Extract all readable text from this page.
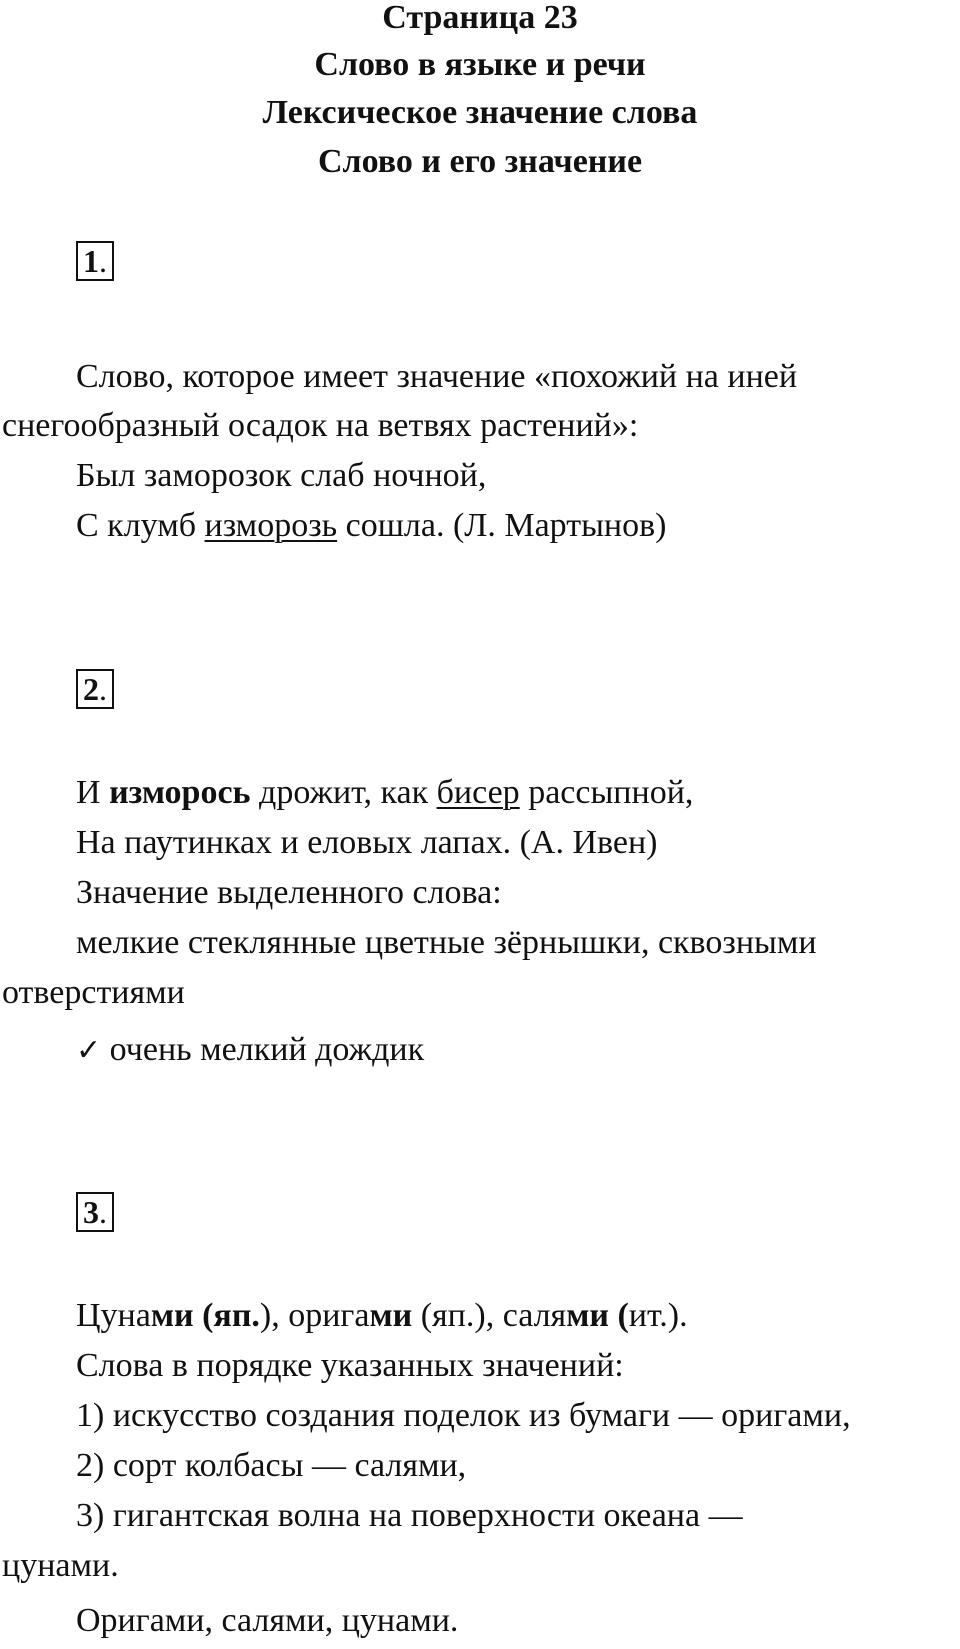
Страница 23
Слово в языке и речи
Лексическое значение слова
Слово и его значение
1.

Слово, которое имеет значение «похожий на иней

снегообразный осадок на ветвях растений»:

Был заморозок слаб ночной,

С клумб изморозь сошла. (Л. Мартынов)

2.

И изморось дрожит, как бисер рассыпной,

На паутинках и еловых лапах. (А. Ивен)

Значение выделенного слова:

мелкие стеклянные цветные зёрнышки, сквозными

отверстиями

✓ очень мелкий дождик

3.

Цунами (яп.), оригами (яп.), салями (ит.).

Слова в порядке указанных значений:

1) искусство создания поделок из бумаги — оригами,

2) сорт колбасы — салями,

3) гигантская волна на поверхности океана —

цунами.

Оригами, салями, цунами.
